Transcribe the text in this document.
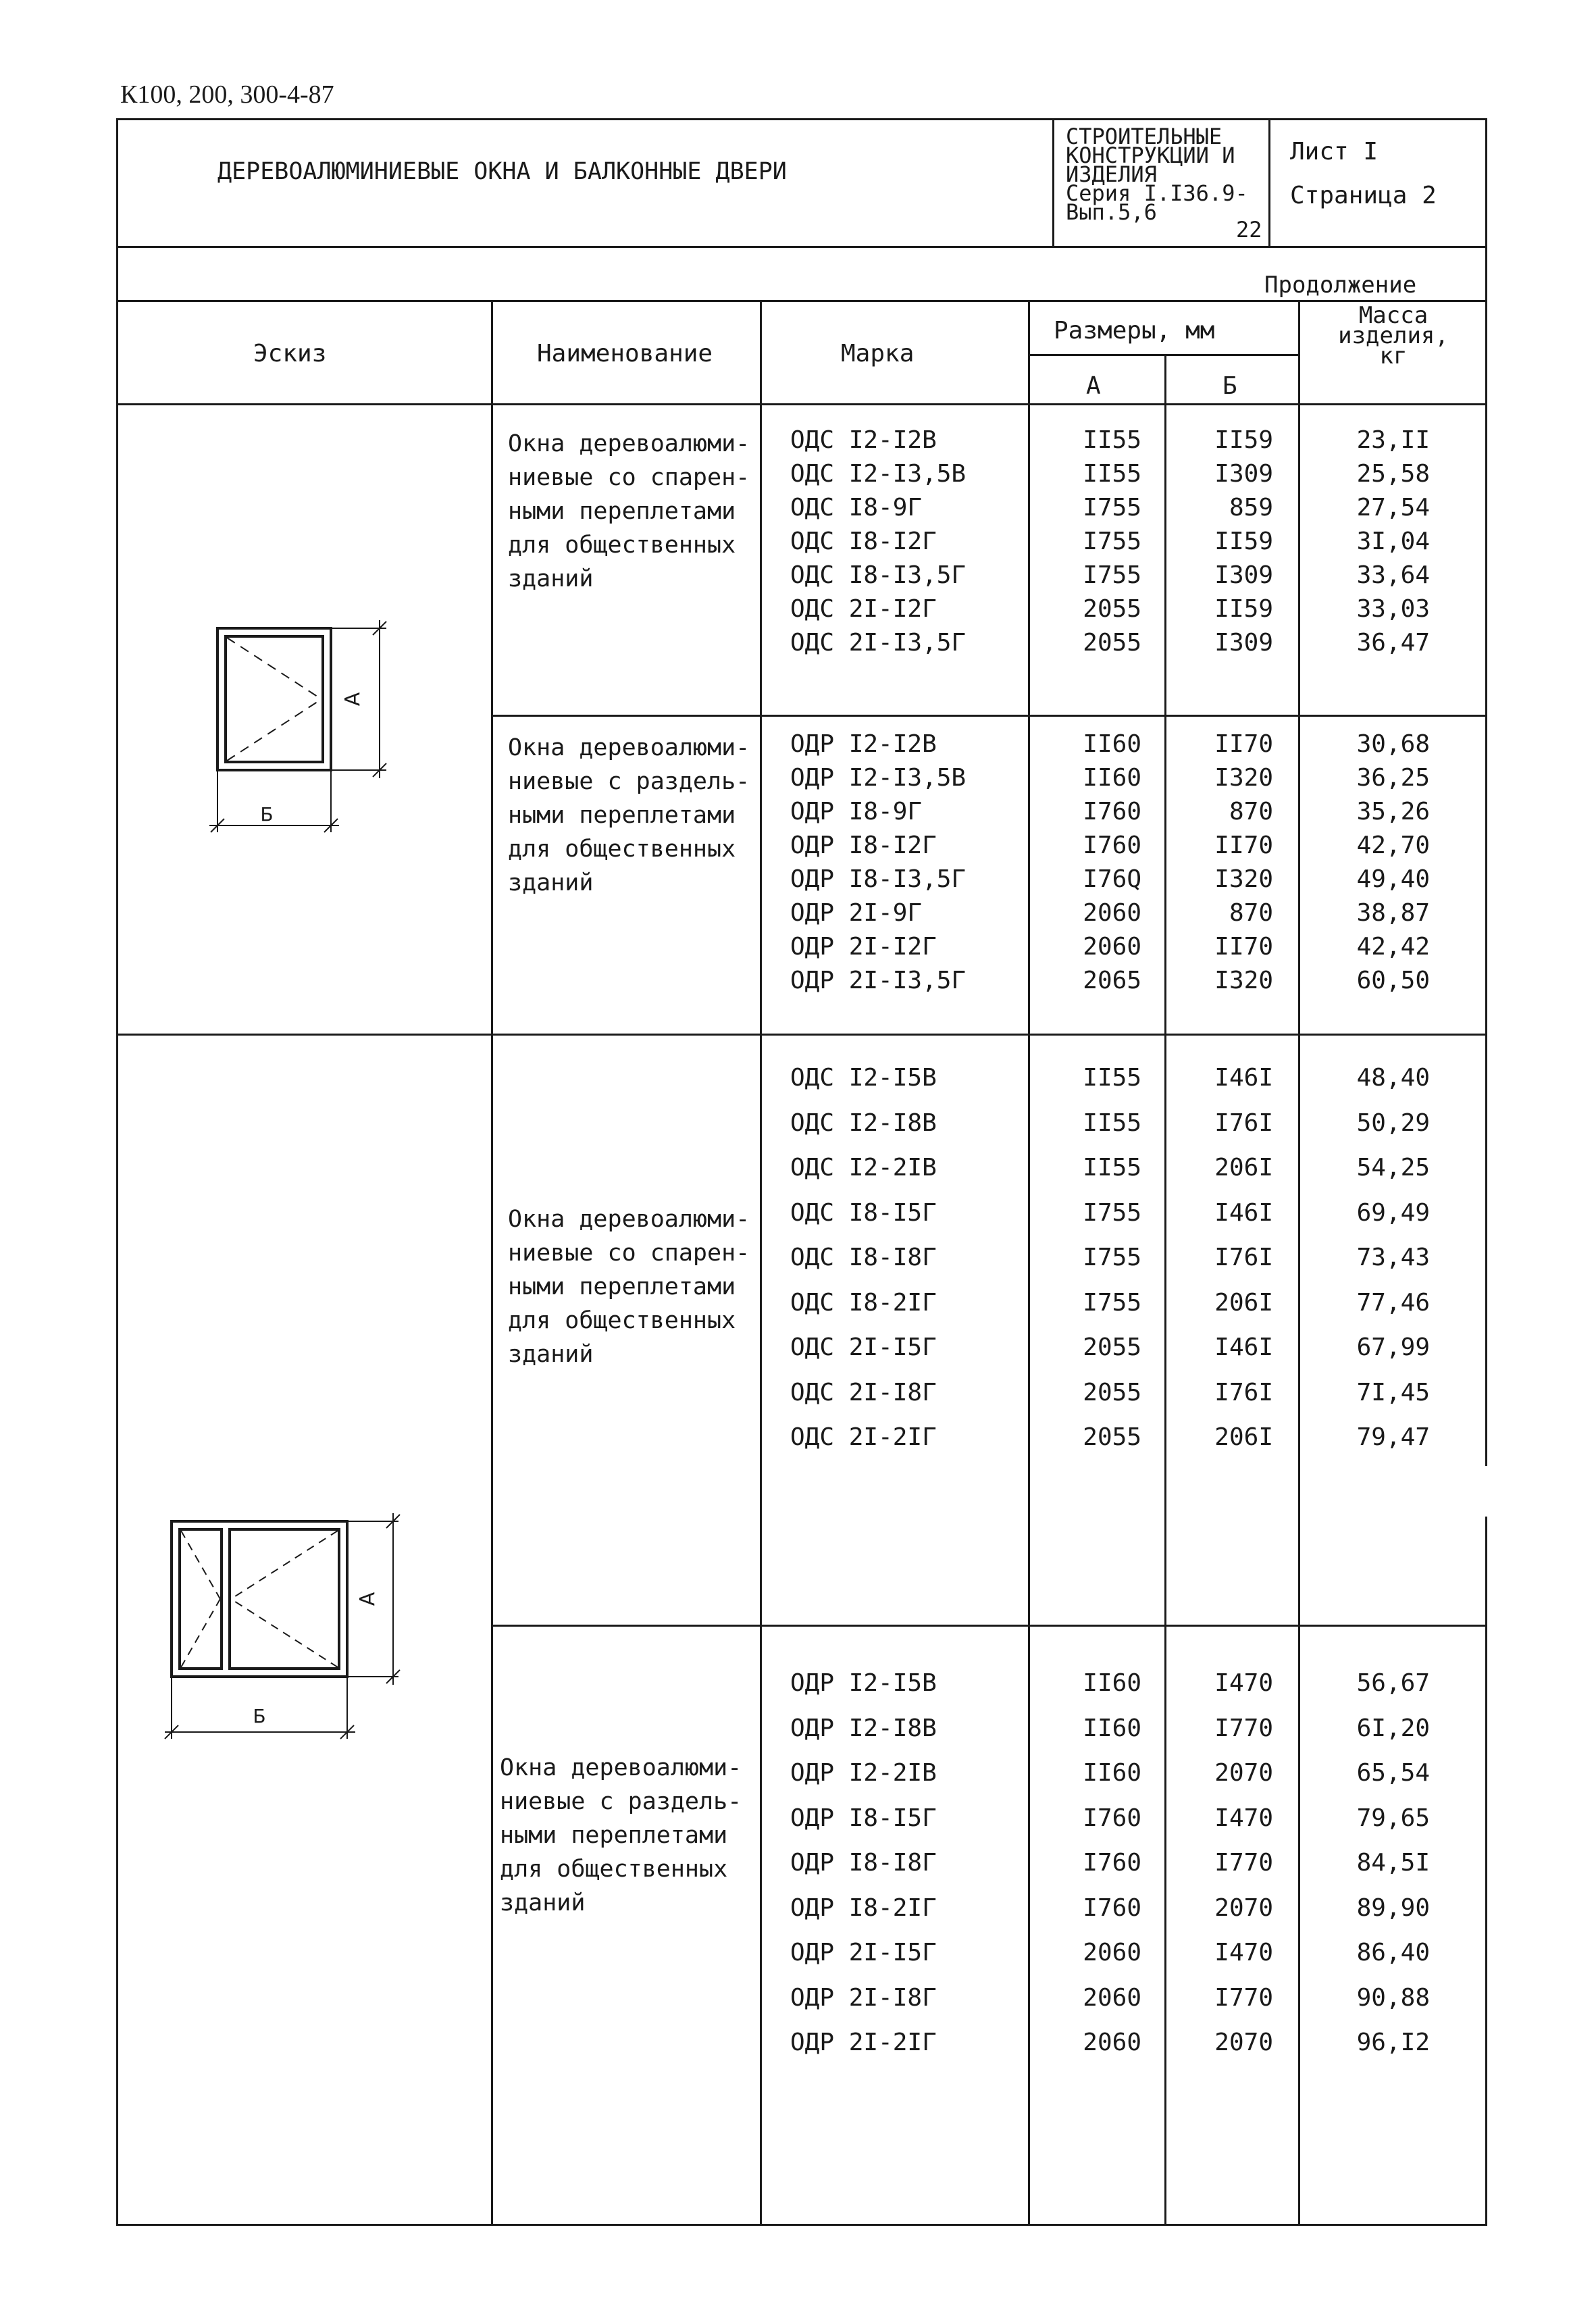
К100, 200, 300-4-87
ДЕРЕВОАЛЮМИНИЕВЫЕ ОКНА И БАЛКОННЫЕ ДВЕРИ
СТРОИТЕЛЬНЫЕ
КОНСТРУКЦИИ И
ИЗДЕЛИЯ
Серия I.I36.9-
Вып.5,6
22
Лист I
Страница 2
Продолжение
Эскиз	Наименование	Марка
Размеры, мм
А	Б
Масса
изделия,
кг
А
Б
А
Б
Окна деревоалюми-
ниевые со спарен-
ными переплетами
для общественных
зданий
Окна деревоалюми-
ниевые с раздель-
ными переплетами
для общественных
зданий
Окна деревоалюми-
ниевые со спарен-
ными переплетами
для общественных
зданий
Окна деревоалюми-
ниевые с раздель-
ными переплетами
для общественных
зданий
ОДС I2-I2В	II55	II59	23,II
ОДС I2-I3,5В	II55	I309	25,58
ОДС I8-9Г	I755	859	27,54
ОДС I8-I2Г	I755	II59	3I,04
ОДС I8-I3,5Г	I755	I309	33,64
ОДС 2I-I2Г	2055	II59	33,03
ОДС 2I-I3,5Г	2055	I309	36,47
ОДР I2-I2В	II60	II70	30,68
ОДР I2-I3,5В	II60	I320	36,25
ОДР I8-9Г	I760	870	35,26
ОДР I8-I2Г	I760	II70	42,70
ОДР I8-I3,5Г	I76Q	I320	49,40
ОДР 2I-9Г	2060	870	38,87
ОДР 2I-I2Г	2060	II70	42,42
ОДР 2I-I3,5Г	2065	I320	60,50
ОДС I2-I5В	II55	I46I	48,40
ОДС I2-I8В	II55	I76I	50,29
ОДС I2-2IВ	II55	206I	54,25
ОДС I8-I5Г	I755	I46I	69,49
ОДС I8-I8Г	I755	I76I	73,43
ОДС I8-2IГ	I755	206I	77,46
ОДС 2I-I5Г	2055	I46I	67,99
ОДС 2I-I8Г	2055	I76I	7I,45
ОДС 2I-2IГ	2055	206I	79,47
ОДР I2-I5В	II60	I470	56,67
ОДР I2-I8В	II60	I770	6I,20
ОДР I2-2IВ	II60	2070	65,54
ОДР I8-I5Г	I760	I470	79,65
ОДР I8-I8Г	I760	I770	84,5I
ОДР I8-2IГ	I760	2070	89,90
ОДР 2I-I5Г	2060	I470	86,40
ОДР 2I-I8Г	2060	I770	90,88
ОДР 2I-2IГ	2060	2070	96,I2
